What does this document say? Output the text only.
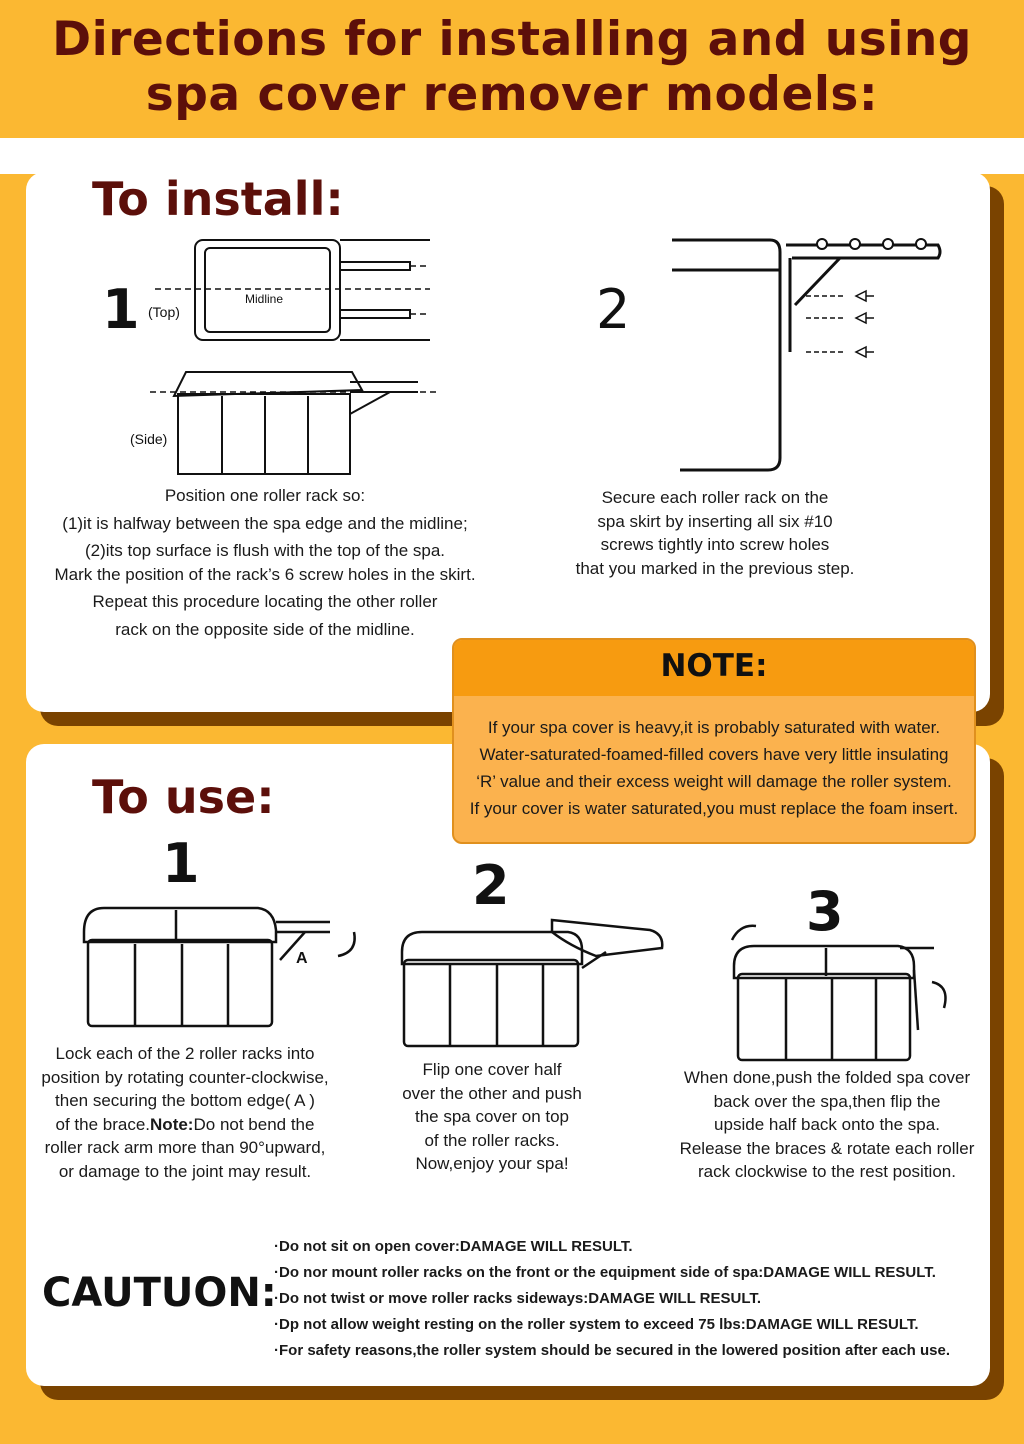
Directions for installing and using
spa cover remover models:
To install:
1 (Top)
(Side)
Midline
Position one roller rack so:
(1)it is halfway between the spa edge and the midline;
(2)its top surface is flush with the top of the spa.
Mark the position of the rack’s 6 screw holes in the skirt.
Repeat this procedure locating the other roller
rack on the opposite side of the midline.
2
Secure each roller rack on the
spa skirt by inserting all six #10
screws tightly into screw holes
that you marked in the previous step.
NOTE:
If your spa cover is heavy,it is probably saturated with water.
Water-saturated-foamed-filled covers have very little insulating
‘R’ value and their excess weight will damage the roller system.
If your cover is water saturated,you must replace the foam insert.
To use:
1	2	3
A
Lock each of the 2 roller racks into
position by rotating counter-clockwise,
then securing the bottom edge( A )
of the brace.Note:Do not bend the
roller rack arm more than 90°upward,
or damage to the joint may result.
Flip one cover half
over the other and push
the spa cover on top
of the roller racks.
Now,enjoy your spa!
When done,push the folded spa cover
back over the spa,then flip the
upside half back onto the spa.
Release the braces & rotate each roller
rack clockwise to the rest position.
CAUTUON:
·Do not sit on open cover:DAMAGE WILL RESULT.
·Do nor mount roller racks on the front or the equipment side of spa:DAMAGE WILL RESULT.
·Do not twist or move roller racks sideways:DAMAGE WILL RESULT.
·Dp not allow weight resting on the roller system to exceed 75 lbs:DAMAGE WILL RESULT.
·For safety reasons,the roller system should be secured in the lowered position after each use.
